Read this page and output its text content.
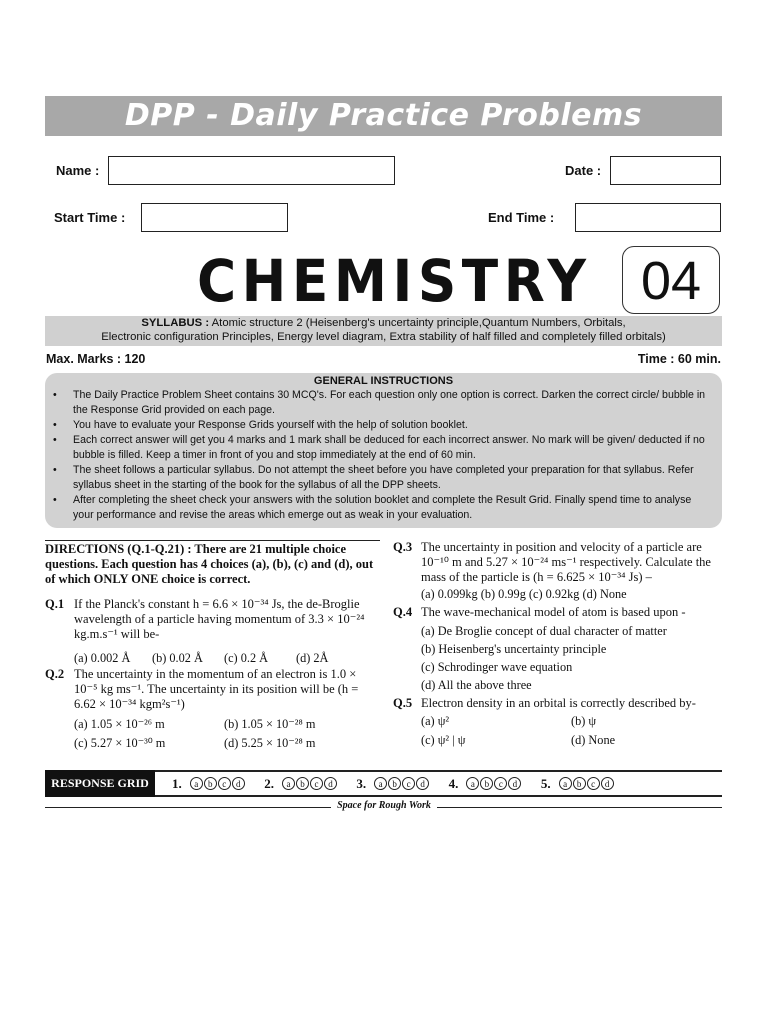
DPP - Daily Practice Problems
Name :	Date :
Start Time :	End Time :
CHEMISTRY 04
SYLLABUS : Atomic structure 2 (Heisenberg's uncertainty principle,Quantum Numbers, Orbitals,
Electronic configuration Principles, Energy level diagram, Extra stability of half filled and completely filled orbitals)
Max. Marks : 120	Time : 60 min.
GENERAL INSTRUCTIONS
• The Daily Practice Problem Sheet contains 30 MCQ's. For each question only one option is correct. Darken the correct circle/ bubble in the Response Grid provided on each page.
• You have to evaluate your Response Grids yourself with the help of solution booklet.
• Each correct answer will get you 4 marks and 1 mark shall be deduced for each incorrect answer. No mark will be given/ deducted if no bubble is filled. Keep a timer in front of you and stop immediately at the end of 60 min.
• The sheet follows a particular syllabus. Do not attempt the sheet before you have completed your preparation for that syllabus. Refer syllabus sheet in the starting of the book for the syllabus of all the DPP sheets.
• After completing the sheet check your answers with the solution booklet and complete the Result Grid. Finally spend time to analyse your performance and revise the areas which emerge out as weak in your evaluation.
DIRECTIONS (Q.1-Q.21) : There are 21 multiple choice questions. Each question has 4 choices (a), (b), (c) and (d), out of which ONLY ONE choice is correct.
Q.1 If the Planck's constant h = 6.6 × 10⁻³⁴ Js, the de-Broglie wavelength of a particle having momentum of 3.3 × 10⁻²⁴ kg.m.s⁻¹ will be-
(a) 0.002 Å (b) 0.02 Å (c) 0.2 Å (d) 2Å
Q.2 The uncertainty in the momentum of an electron is 1.0 × 10⁻⁵ kg ms⁻¹. The uncertainty in its position will be (h = 6.62 × 10⁻³⁴ kgm²s⁻¹)
(a) 1.05 × 10⁻²⁶ m	(b) 1.05 × 10⁻²⁸ m
(c) 5.27 × 10⁻³⁰ m	(d) 5.25 × 10⁻²⁸ m
Q.3 The uncertainty in position and velocity of a particle are 10⁻¹⁰ m and 5.27 × 10⁻²⁴ ms⁻¹ respectively. Calculate the mass of the particle is (h = 6.625 × 10⁻³⁴ Js) –
(a) 0.099kg (b) 0.99g (c) 0.92kg (d) None
Q.4 The wave-mechanical model of atom is based upon -
(a) De Broglie concept of dual character of matter
(b) Heisenberg's uncertainty principle
(c) Schrodinger wave equation
(d) All the above three
Q.5 Electron density in an orbital is correctly described by-
(a) ψ²	(b) ψ
(c) ψ² | ψ	(d) None
RESPONSE GRID	1. a b c d 2. a b c d 3. a b c d 4. a b c d 5. a b c d
Space for Rough Work
